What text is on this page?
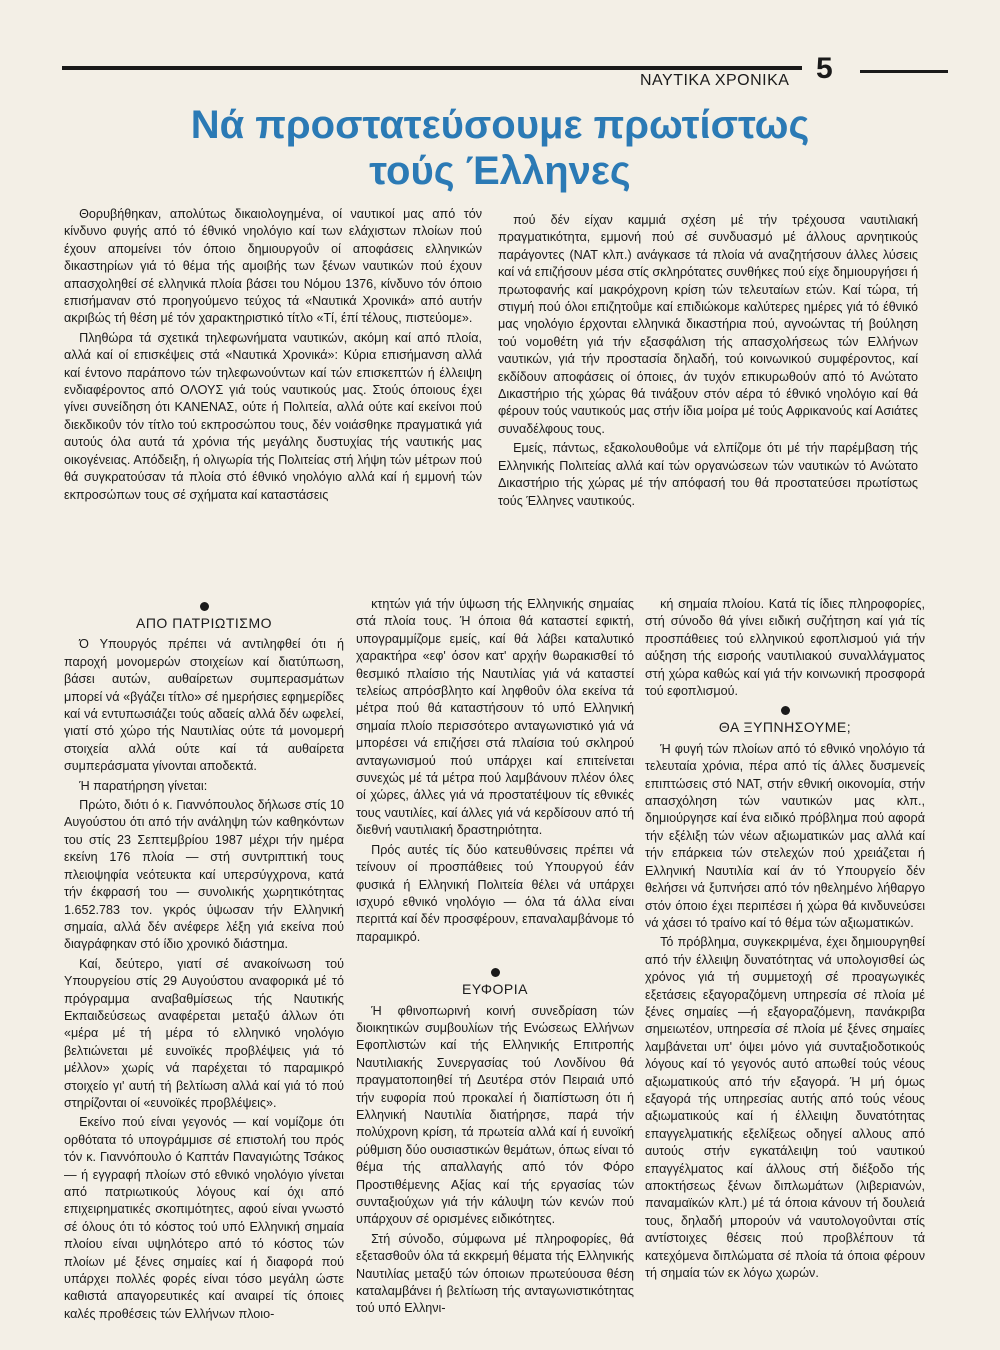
ΝΑΥΤΙΚΑ ΧΡΟΝΙΚΑ 5
Νά προστατεύσουμε πρωτίστως
τούς Έλληνες

Θορυβήθηκαν, απολύτως δικαιολογημένα, οί ναυτικοί μας από τόν κίνδυνο φυγής από τό έθνικό νηολόγιο καί των ελάχιστων πλοίων πού έχουν απομείνει τόν όποιο δημιουργοΰν οί αποφάσεις ελληνικών δικαστηρίων γιά τό θέμα τής αμοιβής των ξένων ναυτικών πού έχουν απασχοληθεί σέ ελληνικά πλοία βάσει του Νόμου 1376, κίνδυνο τόν όποιο επισήμαναν στό προηγούμενο τεύχος τά «Ναυτικά Χρονικά» από αυτήν ακριβώς τή θέση μέ τόν χαρακτηριστικό τίτλο «Τί, έπί τέλους, πιστεύομε».

Πληθώρα τά σχετικά τηλεφωνήματα ναυτικών, ακόμη καί από πλοία, αλλά καί οί επισκέψεις στά «Ναυτικά Χρονικά»: Κύρια επισήμανση αλλά καί έντονο παράπονο τών τηλεφωνούντων καί τών επισκεπτών ή έλλειψη ενδιαφέροντος από ΟΛΟΥΣ γιά τούς ναυτικούς μας. Στούς όποιους έχει γίνει συνείδηση ότι ΚΑΝΕΝΑΣ, ούτε ή Πολιτεία, αλλά ούτε καί εκείνοι πού διεκδικοΰν τόν τίτλο τού εκπροσώπου τους, δέν νοιάσθηκε πραγματικά γιά αυτούς όλα αυτά τά χρόνια τής μεγάλης δυστυχίας τής ναυτικής μας οικογένειας. Απόδειξη, ή ολιγωρία τής Πολιτείας στή λήψη τών μέτρων πού θά συγκρατούσαν τά πλοία στό έθνικό νηολόγιο αλλά καί ή εμμονή τών εκπροσώπων τους σέ σχήματα καί καταστάσεις

πού δέν είχαν καμμιά σχέση μέ τήν τρέχουσα ναυτιλιακή πραγματικότητα, εμμονή πού σέ συνδυασμό μέ άλλους αρνητικούς παράγοντες (ΝΑΤ κλπ.) ανάγκασε τά πλοία νά αναζητήσουν άλλες λύσεις καί νά επιζήσουν μέσα στίς σκληρότατες συνθήκες πού είχε δημιουργήσει ή πρωτοφανής καί μακρόχρονη κρίση τών τελευταίων ετών. Καί τώρα, τή στιγμή πού όλοι επιζητοΰμε καί επιδιώκομε καλύτερες ημέρες γιά τό έθνικό μας νηολόγιο έρχονται ελληνικά δικαστήρια πού, αγνοώντας τή βούληση τού νομοθέτη γιά τήν εξασφάλιση τής απασχολήσεως τών Ελλήνων ναυτικών, γιά τήν προστασία δηλαδή, τού κοινωνικού συμφέροντος, καί εκδίδουν αποφάσεις οί όποιες, άν τυχόν επικυρωθούν από τό Ανώτατο Δικαστήριο τής χώρας θά τινάξουν στόν αέρα τό έθνικό νηολόγιο καί θά φέρουν τούς ναυτικούς μας στήν ίδια μοίρα μέ τούς Αφρικανούς καί Ασιάτες συναδέλφους τους.

Εμείς, πάντως, εξακολουθοΰμε νά ελπίζομε ότι μέ τήν παρέμβαση τής Ελληνικής Πολιτείας αλλά καί τών οργανώσεων τών ναυτικών τό Ανώτατο Δικαστήριο τής χώρας μέ τήν απόφασή του θά προστατεύσει πρωτίστως τούς Έλληνες ναυτικούς.

ΑΠΟ ΠΑΤΡΙΩΤΙΣΜΟ

Ό Υπουργός πρέπει νά αντιληφθεί ότι ή παροχή μονομερών στοιχείων καί διατύπωση, βάσει αυτών, αυθαίρετων συμπερασμάτων μπορεί νά «βγάζει τίτλο» σέ ημερήσιες εφημερίδες καί νά εντυπωσιάζει τούς αδαείς αλλά δέν ωφελεί, γιατί στό χώρο τής Ναυτιλίας ούτε τά μονομερή στοιχεία αλλά ούτε καί τά αυθαίρετα συμπεράσματα γίνονται αποδεκτά.

Ή παρατήρηση γίνεται:

Πρώτο, διότι ό κ. Γιαννόπουλος δήλωσε στίς 10 Αυγούστου ότι από τήν ανάληψη τών καθηκόντων του στίς 23 Σεπτεμβρίου 1987 μέχρι τήν ημέρα εκείνη 176 πλοία — στή συντριπτική τους πλειοψηφία νεότευκτα καί υπερσύγχρονα, κατά τήν έκφρασή του — συνολικής χωρητικότητας 1.652.783 τον. γκρός ύψωσαν τήν Ελληνική σημαία, αλλά δέν ανέφερε λέξη γιά εκείνα πού διαγράφηκαν στό ίδιο χρονικό διάστημα.

Καί, δεύτερο, γιατί σέ ανακοίνωση τού Υπουργείου στίς 29 Αυγούστου αναφορικά μέ τό πρόγραμμα αναβαθμίσεως τής Ναυτικής Εκπαιδεύσεως αναφέρεται μεταξύ άλλων ότι «μέρα μέ τή μέρα τό ελληνικό νηολόγιο βελτιώνεται μέ ευνοϊκές προβλέψεις γιά τό μέλλον» χωρίς νά παρέχεται τό παραμικρό στοιχείο γι' αυτή τή βελτίωση αλλά καί γιά τό πού στηρίζονται οί «ευνοϊκές προβλέψεις».

Εκείνο πού είναι γεγονός — καί νομίζομε ότι ορθότατα τό υπογράμμισε σέ επιστολή του πρός τόν κ. Γιαννόπουλο ό Καπτάν Παναγιώτης Τσάκος — ή εγγραφή πλοίων στό εθνικό νηολόγιο γίνεται από πατριωτικούς λόγους καί όχι από επιχειρηματικές σκοπιμότητες, αφού είναι γνωστό σέ όλους ότι τό κόστος τού υπό Ελληνική σημαία πλοίου είναι υψηλότερο από τό κόστος τών πλοίων μέ ξένες σημαίες καί ή διαφορά πού υπάρχει πολλές φορές είναι τόσο μεγάλη ώστε καθιστά απαγορευτικές καί αναιρεί τίς όποιες καλές προθέσεις τών Ελλήνων πλοιο-

κτητών γιά τήν ύψωση τής Ελληνικής σημαίας στά πλοία τους. Ή όποια θά καταστεί εφικτή, υπογραμμίζομε εμείς, καί θά λάβει καταλυτικό χαρακτήρα «εφ' όσον κατ' αρχήν θωρακισθεί τό θεσμικό πλαίσιο τής Ναυτιλίας γιά νά καταστεί τελείως απρόσβλητο καί ληφθοΰν όλα εκείνα τά μέτρα πού θά καταστήσουν τό υπό Ελληνική σημαία πλοίο περισσότερο ανταγωνιστικό γιά νά μπορέσει νά επιζήσει στά πλαίσια τού σκληρού ανταγωνισμού πού υπάρχει καί επιτείνεται συνεχώς μέ τά μέτρα πού λαμβάνουν πλέον όλες οί χώρες, άλλες γιά νά προστατέψουν τίς εθνικές τους ναυτιλίες, καί άλλες γιά νά κερδίσουν από τή διεθνή ναυτιλιακή δραστηριότητα.

Πρός αυτές τίς δύο κατευθύνσεις πρέπει νά τείνουν οί προσπάθειες τού Υπουργού έάν φυσικά ή Ελληνική Πολιτεία θέλει νά υπάρχει ισχυρό εθνικό νηολόγιο — όλα τά άλλα είναι περιττά καί δέν προσφέρουν, επαναλαμβάνομε τό παραμικρό.

ΕΥΦΟΡΙΑ

Ή φθινοπωρινή κοινή συνεδρίαση τών διοικητικών συμβουλίων τής Ενώσεως Ελλήνων Εφοπλιστών καί τής Ελληνικής Επιτροπής Ναυτιλιακής Συνεργασίας τού Λονδίνου θά πραγματοποιηθεί τή Δευτέρα στόν Πειραιά υπό τήν ευφορία πού προκαλεί ή διαπίστωση ότι ή Ελληνική Ναυτιλία διατήρησε, παρά τήν πολύχρονη κρίση, τά πρωτεία αλλά καί ή ευνοϊκή ρύθμιση δύο ουσιαστικών θεμάτων, όπως είναι τό θέμα τής απαλλαγής από τόν Φόρο Προστιθέμενης Αξίας καί τής εργασίας τών συνταξιούχων γιά τήν κάλυψη τών κενών πού υπάρχουν σέ ορισμένες ειδικότητες.

Στή σύνοδο, σύμφωνα μέ πληροφορίες, θά εξετασθοΰν όλα τά εκκρεμή θέματα τής Ελληνικής Ναυτιλίας μεταξύ τών όποιων πρωτεύουσα θέση καταλαμβάνει ή βελτίωση τής ανταγωνιστικότητας τού υπό Ελληνι-

κή σημαία πλοίου. Κατά τίς ίδιες πληροφορίες, στή σύνοδο θά γίνει ειδική συζήτηση καί γιά τίς προσπάθειες τού ελληνικού εφοπλισμού γιά τήν αύξηση τής εισροής ναυτιλιακού συναλλάγματος στή χώρα καθώς καί γιά τήν κοινωνική προσφορά τού εφοπλισμού.

ΘΑ ΞΥΠΝΗΣΟΥΜΕ;

Ή φυγή τών πλοίων από τό εθνικό νηολόγιο τά τελευταία χρόνια, πέρα από τίς άλλες δυσμενείς επιπτώσεις στό ΝΑΤ, στήν εθνική οικονομία, στήν απασχόληση τών ναυτικών μας κλπ., δημιούργησε καί ένα ειδικό πρόβλημα πού αφορά τήν εξέλιξη τών νέων αξιωματικών μας αλλά καί τήν επάρκεια τών στελεχών πού χρειάζεται ή Ελληνική Ναυτιλία καί άν τό Υπουργείο δέν θελήσει νά ξυπνήσει από τόν ηθελημένο λήθαργο στόν όποιο έχει περιπέσει ή χώρα θά κινδυνεύσει νά χάσει τό τραίνο καί τό θέμα τών αξιωματικών.

Τό πρόβλημα, συγκεκριμένα, έχει δημιουργηθεί από τήν έλλειψη δυνατότητας νά υπολογισθεί ώς χρόνος γιά τή συμμετοχή σέ προαγωγικές εξετάσεις εξαγοραζόμενη υπηρεσία σέ πλοία μέ ξένες σημαίες —ή εξαγοραζόμενη, πανάκριβα σημειωτέον, υπηρεσία σέ πλοία μέ ξένες σημαίες λαμβάνεται υπ' όψει μόνο γιά συνταξιοδοτικούς λόγους καί τό γεγονός αυτό απωθεί τούς νέους αξιωματικούς από τήν εξαγορά. Ή μή όμως εξαγορά τής υπηρεσίας αυτής από τούς νέους αξιωματικούς καί ή έλλειψη δυνατότητας επαγγελματικής εξελίξεως οδηγεί αλλους από αυτούς στήν εγκατάλειψη τού ναυτικού επαγγέλματος καί άλλους στή διέξοδο τής αποκτήσεως ξένων διπλωμάτων (λιβεριανών, παναμαϊκών κλπ.) μέ τά όποια κάνουν τή δουλειά τους, δηλαδή μπορούν νά ναυτολογοΰνται στίς αντίστοιχες θέσεις πού προβλέπουν τά κατεχόμενα διπλώματα σέ πλοία τά όποια φέρουν τή σημαία τών εκ λόγω χωρών.
